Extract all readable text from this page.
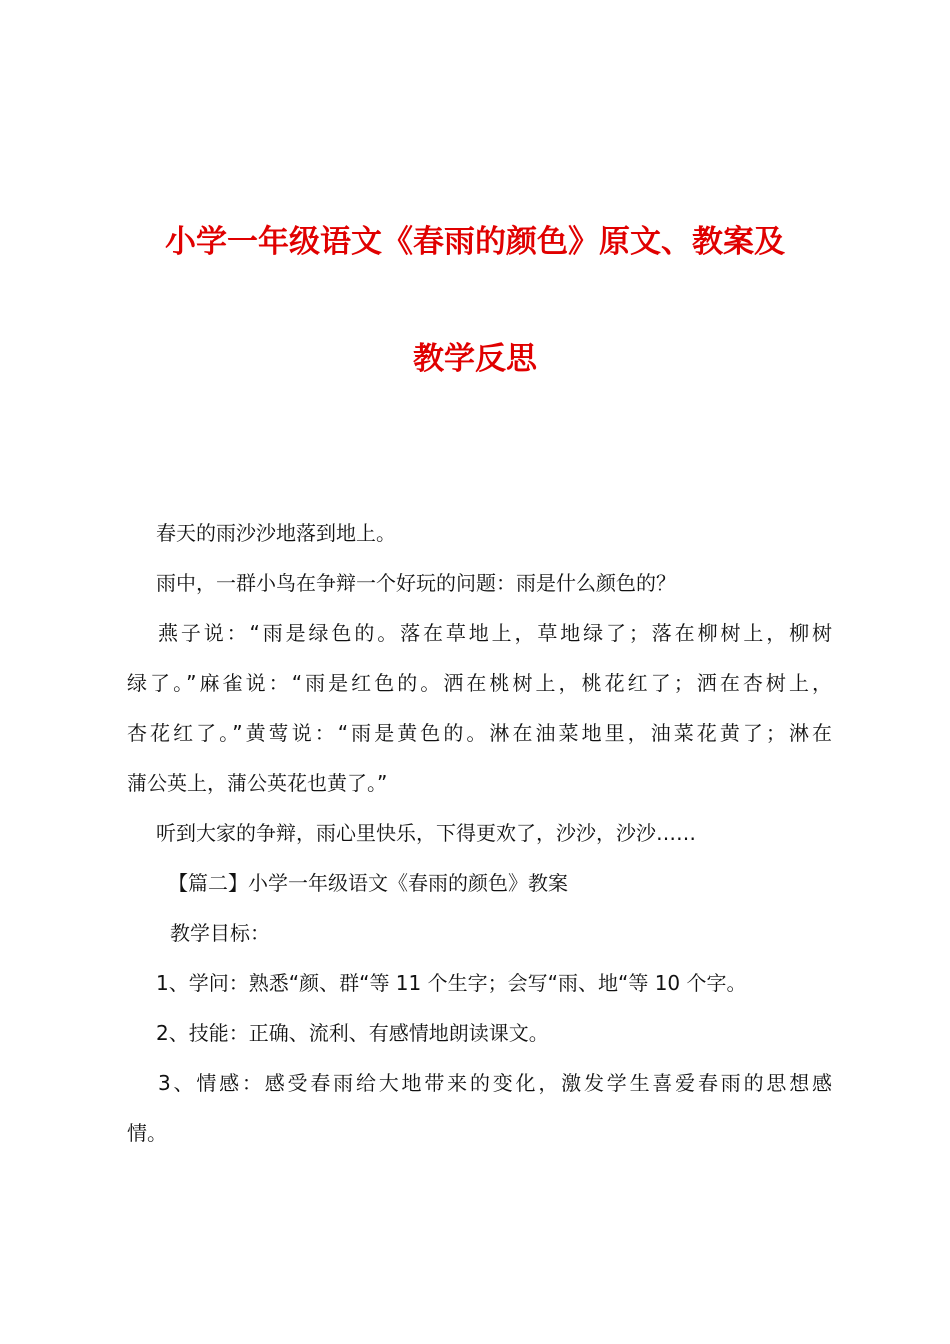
小学一年级语文《春雨的颜色》原文、教案及
教学反思
春天的雨沙沙地落到地上。
雨中，一群小鸟在争辩一个好玩的问题：雨是什么颜色的？
燕子说：“雨是绿色的。落在草地上，草地绿了；落在柳树上，柳树
绿了。”麻雀说：“雨是红色的。洒在桃树上，桃花红了；洒在杏树上，
杏花红了。”黄莺说：“雨是黄色的。淋在油菜地里，油菜花黄了；淋在
蒲公英上，蒲公英花也黄了。”
听到大家的争辩，雨心里快乐，下得更欢了，沙沙，沙沙……
【篇二】小学一年级语文《春雨的颜色》教案
教学目标：
1、学问：熟悉“颜、群“等 11 个生字；会写“雨、地“等 10 个字。
2、技能：正确、流利、有感情地朗读课文。
3、情感：感受春雨给大地带来的变化，激发学生喜爱春雨的思想感
情。
